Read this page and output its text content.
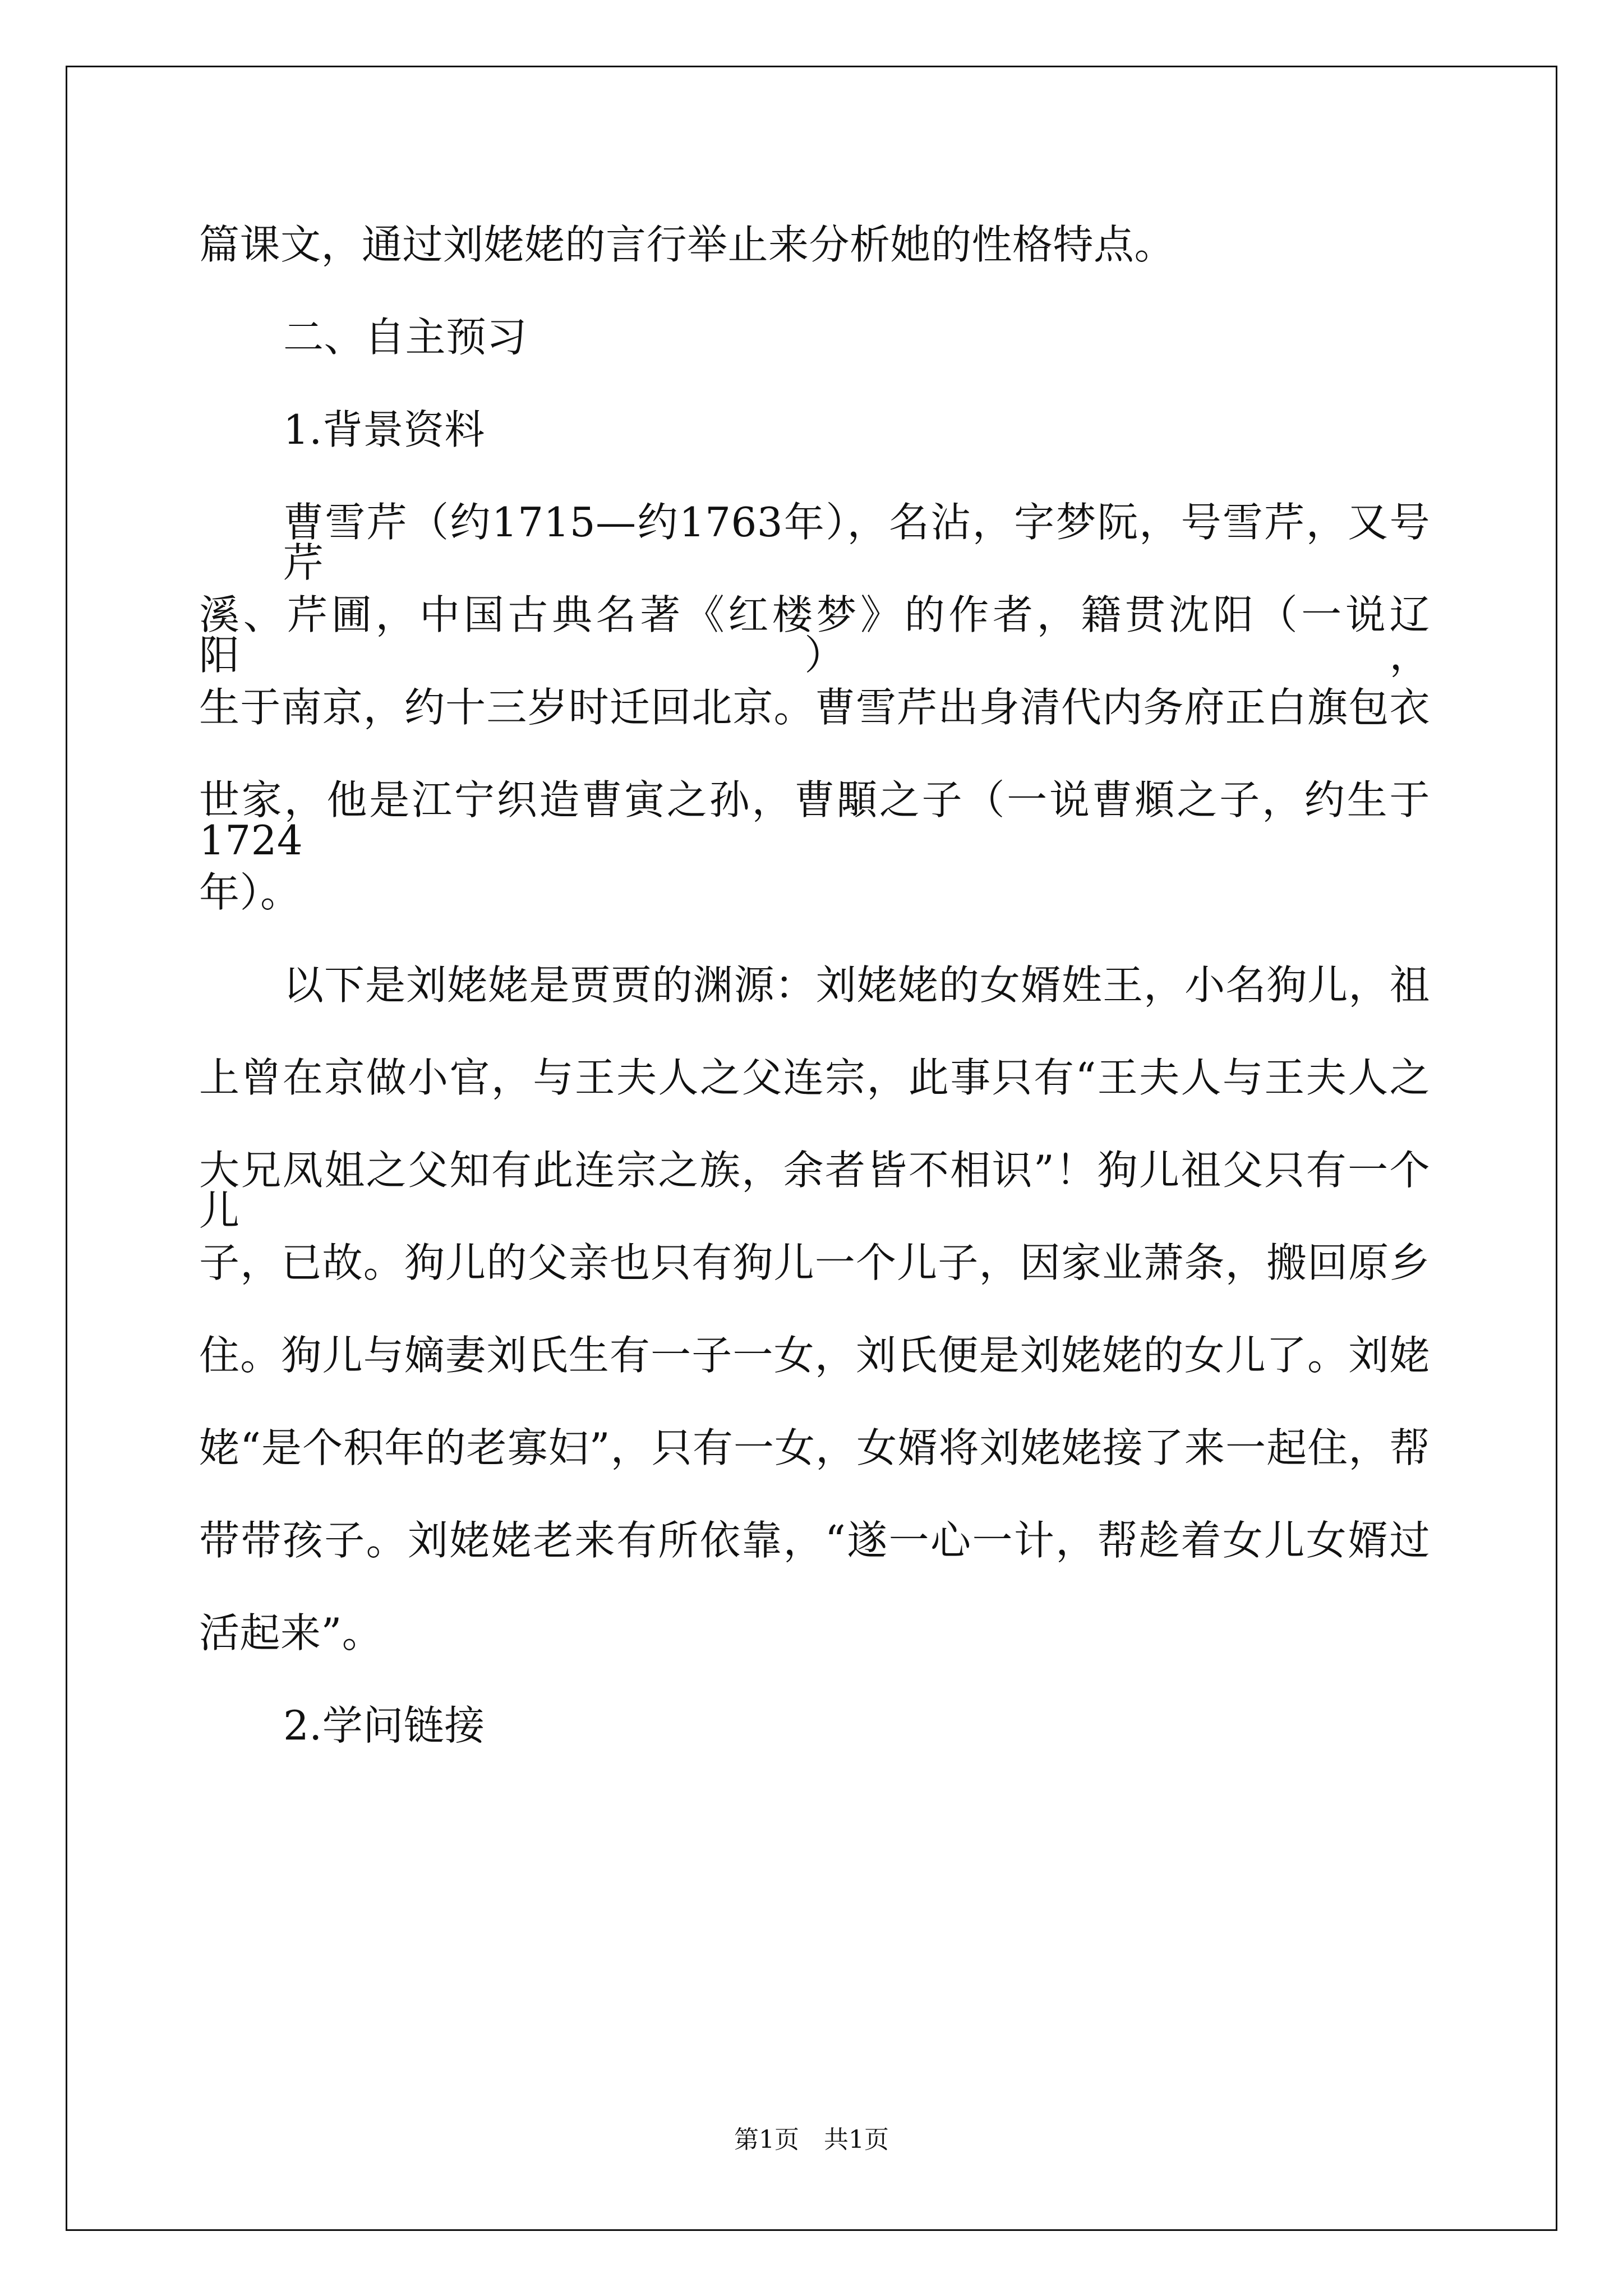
篇课文，通过刘姥姥的言行举止来分析她的性格特点。
二、自主预习
1.背景资料
曹雪芹（约1715—约1763年），名沾，字梦阮，号雪芹，又号芹
溪、芹圃，中国古典名著《红楼梦》的作者，籍贯沈阳（一说辽阳），
生于南京，约十三岁时迁回北京。曹雪芹出身清代内务府正白旗包衣
世家，他是江宁织造曹寅之孙，曹顒之子（一说曹頫之子，约生于1724
年）。
以下是刘姥姥是贾贾的渊源：刘姥姥的女婿姓王，小名狗儿，祖
上曾在京做小官，与王夫人之父连宗，此事只有“王夫人与王夫人之
大兄凤姐之父知有此连宗之族，余者皆不相识”！狗儿祖父只有一个儿
子，已故。狗儿的父亲也只有狗儿一个儿子，因家业萧条，搬回原乡
住。狗儿与嫡妻刘氏生有一子一女，刘氏便是刘姥姥的女儿了。刘姥
姥“是个积年的老寡妇”，只有一女，女婿将刘姥姥接了来一起住，帮
带带孩子。刘姥姥老来有所依靠，“遂一心一计，帮趁着女儿女婿过
活起来”。
2.学问链接
第1页　共1页
